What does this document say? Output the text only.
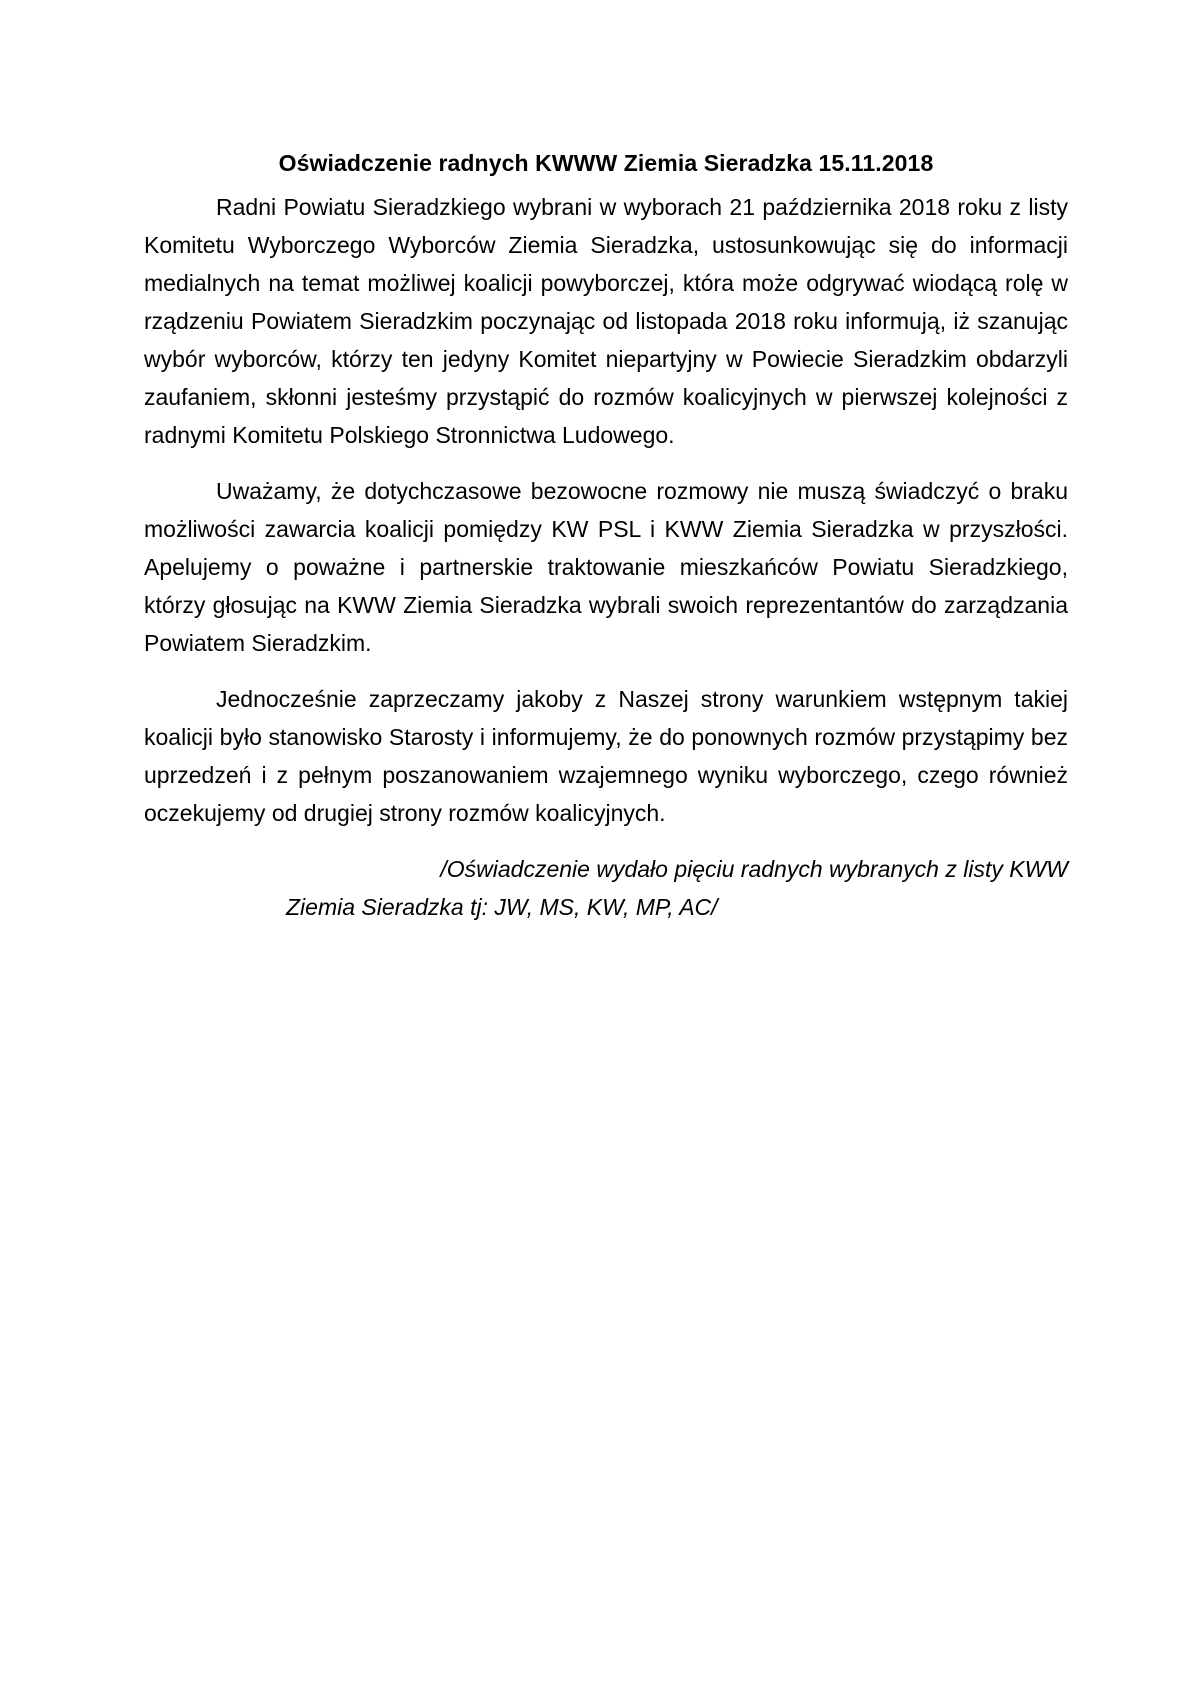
Oświadczenie radnych KWWW Ziemia Sieradzka 15.11.2018

Radni Powiatu Sieradzkiego wybrani w wyborach 21 października 2018 roku z listy Komitetu Wyborczego Wyborców Ziemia Sieradzka, ustosunkowując się do informacji medialnych na temat możliwej koalicji powyborczej, która może odgrywać wiodącą rolę w rządzeniu Powiatem Sieradzkim poczynając od listopada 2018 roku informują, iż szanując wybór wyborców, którzy ten jedyny Komitet niepartyjny w Powiecie Sieradzkim obdarzyli zaufaniem, skłonni jesteśmy przystąpić do rozmów koalicyjnych w pierwszej kolejności z radnymi Komitetu Polskiego Stronnictwa Ludowego.

Uważamy, że dotychczasowe bezowocne rozmowy nie muszą świadczyć o braku możliwości zawarcia koalicji pomiędzy KW PSL i KWW Ziemia Sieradzka w przyszłości. Apelujemy o poważne i partnerskie traktowanie mieszkańców Powiatu Sieradzkiego, którzy głosując na KWW Ziemia Sieradzka wybrali swoich reprezentantów do zarządzania Powiatem Sieradzkim.

Jednocześnie zaprzeczamy jakoby z Naszej strony warunkiem wstępnym takiej koalicji było stanowisko Starosty i informujemy, że do ponownych rozmów przystąpimy bez uprzedzeń i z pełnym poszanowaniem wzajemnego wyniku wyborczego, czego również oczekujemy od drugiej strony rozmów koalicyjnych.

/Oświadczenie wydało pięciu radnych wybranych z listy KWW
Ziemia Sieradzka tj: JW, MS, KW, MP, AC/
